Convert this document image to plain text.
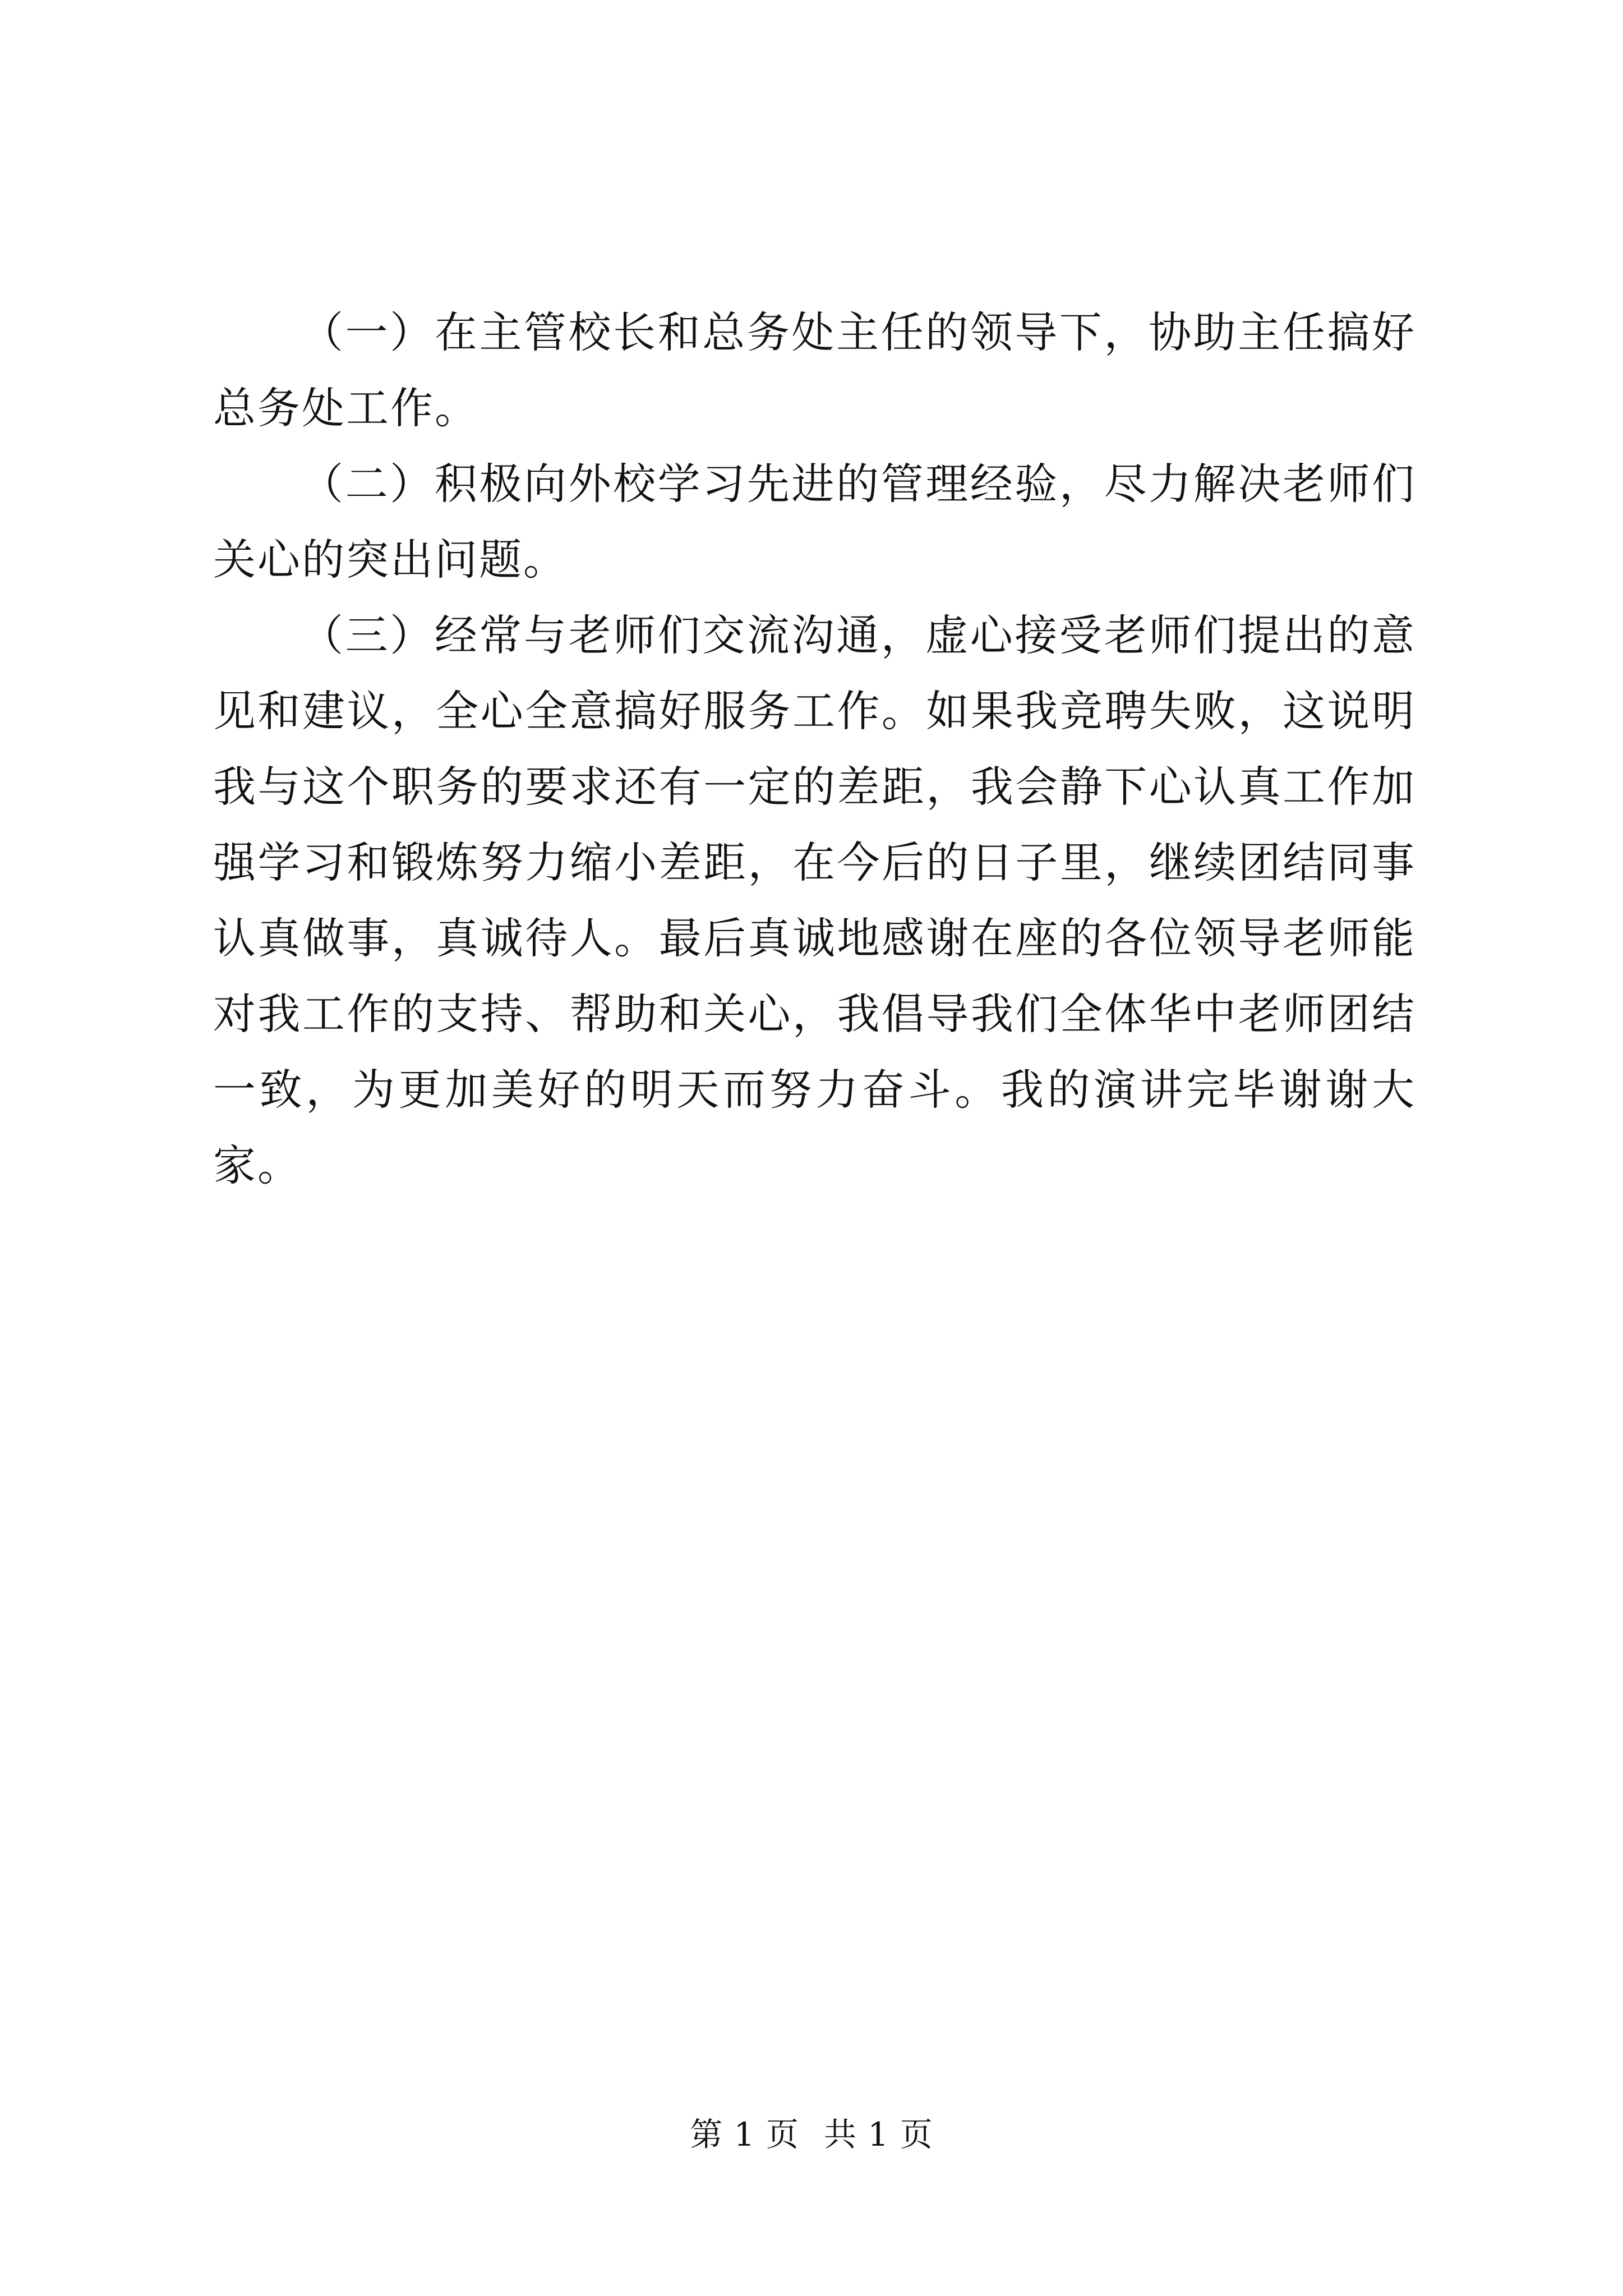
（一）在主管校长和总务处主任的领导下，协助主任搞好总务处工作。

（二）积极向外校学习先进的管理经验，尽力解决老师们关心的突出问题。

（三）经常与老师们交流沟通，虚心接受老师们提出的意见和建议，全心全意搞好服务工作。如果我竞聘失败，这说明我与这个职务的要求还有一定的差距，我会静下心认真工作加强学习和锻炼努力缩小差距，在今后的日子里，继续团结同事认真做事，真诚待人。最后真诚地感谢在座的各位领导老师能对我工作的支持、帮助和关心，我倡导我们全体华中老师团结一致，为更加美好的明天而努力奋斗。我的演讲完毕谢谢大家。

第 1 页 共 1 页
